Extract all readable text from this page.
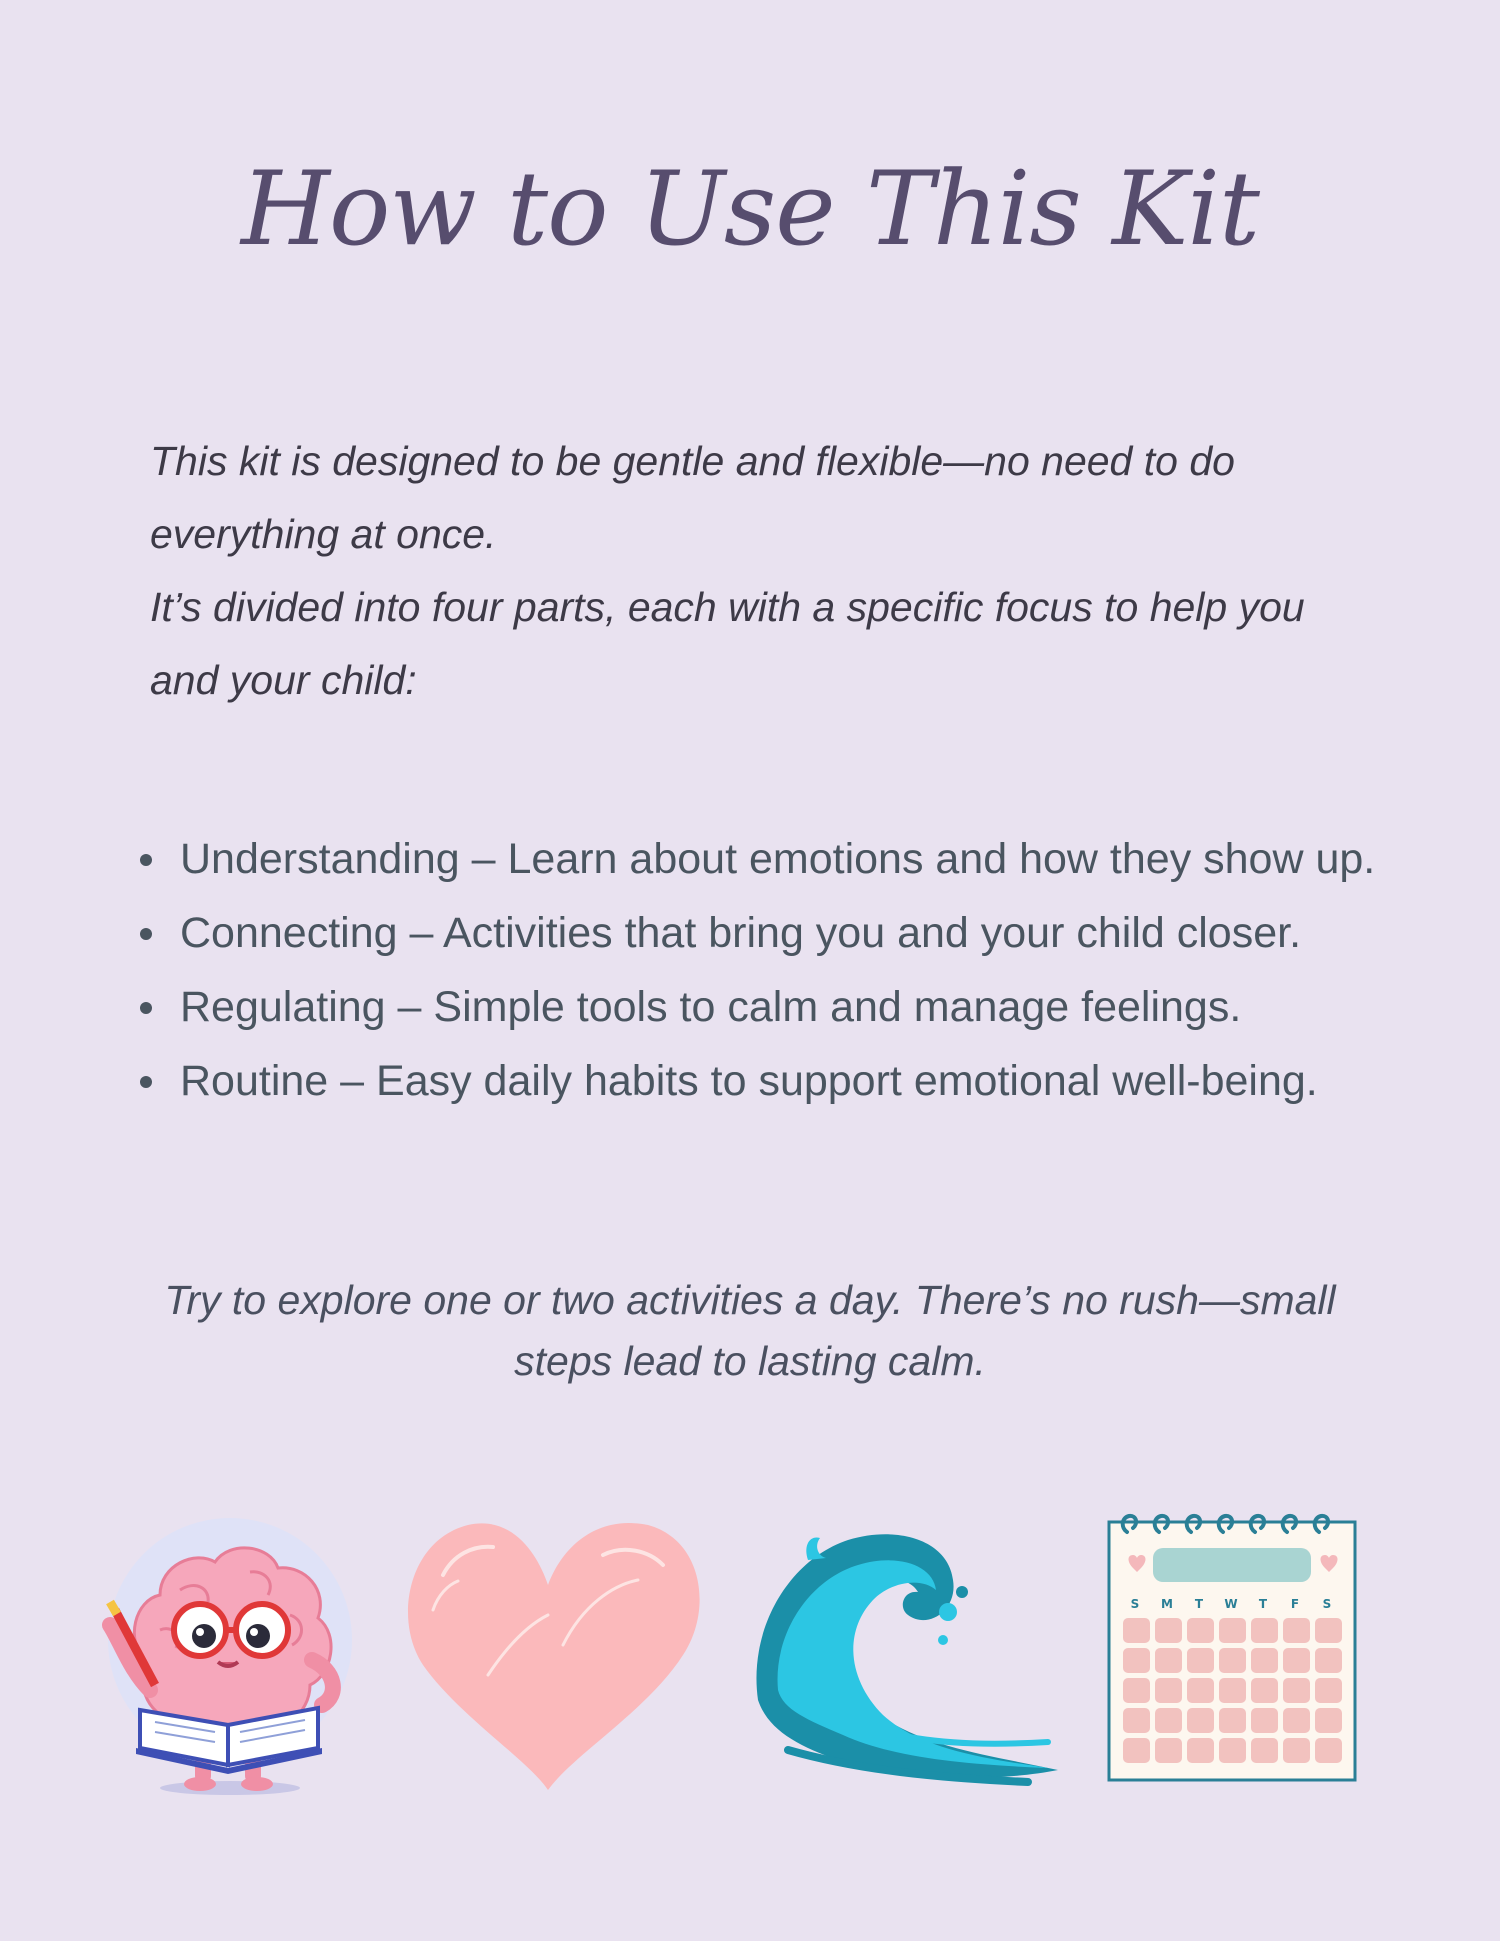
How to Use This Kit

This kit is designed to be gentle and flexible—no need to do everything at once.

It’s divided into four parts, each with a specific focus to help you and your child:

Understanding – Learn about emotions and how they show up.
Connecting – Activities that bring you and your child closer.
Regulating – Simple tools to calm and manage feelings.
Routine – Easy daily habits to support emotional well-being.

Try to explore one or two activities a day. There’s no rush—small steps lead to lasting calm.

S M T W T F S
